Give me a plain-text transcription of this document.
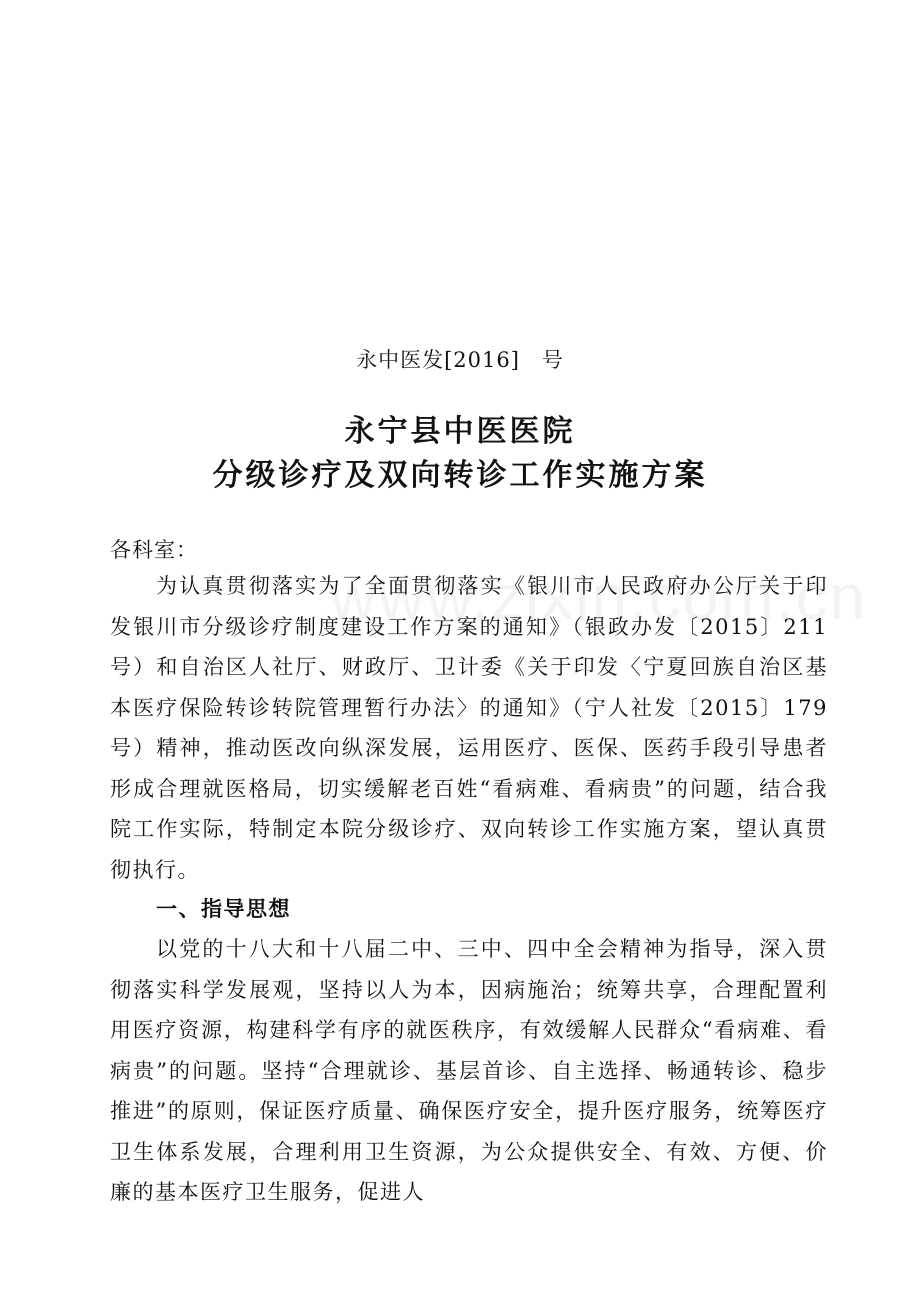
永中医发[2016]　号
永宁县中医医院
分级诊疗及双向转诊工作实施方案
各科室：

为认真贯彻落实为了全面贯彻落实《银川市人民政府办公厅关于印发银川市分级诊疗制度建设工作方案的通知》（银政办发〔2015〕211 号）和自治区人社厅、财政厅、卫计委《关于印发〈宁夏回族自治区基本医疗保险转诊转院管理暂行办法〉的通知》（宁人社发〔2015〕179 号）精神，推动医改向纵深发展，运用医疗、医保、医药手段引导患者形成合理就医格局，切实缓解老百姓“看病难、看病贵”的问题，结合我院工作实际，特制定本院分级诊疗、双向转诊工作实施方案，望认真贯彻执行。

一、指导思想

以党的十八大和十八届二中、三中、四中全会精神为指导，深入贯彻落实科学发展观，坚持以人为本，因病施治；统筹共享，合理配置利用医疗资源，构建科学有序的就医秩序，有效缓解人民群众“看病难、看病贵”的问题。坚持“合理就诊、基层首诊、自主选择、畅通转诊、稳步推进”的原则，保证医疗质量、确保医疗安全，提升医疗服务，统筹医疗卫生体系发展，合理利用卫生资源，为公众提供安全、有效、方便、价廉的基本医疗卫生服务，促进人
